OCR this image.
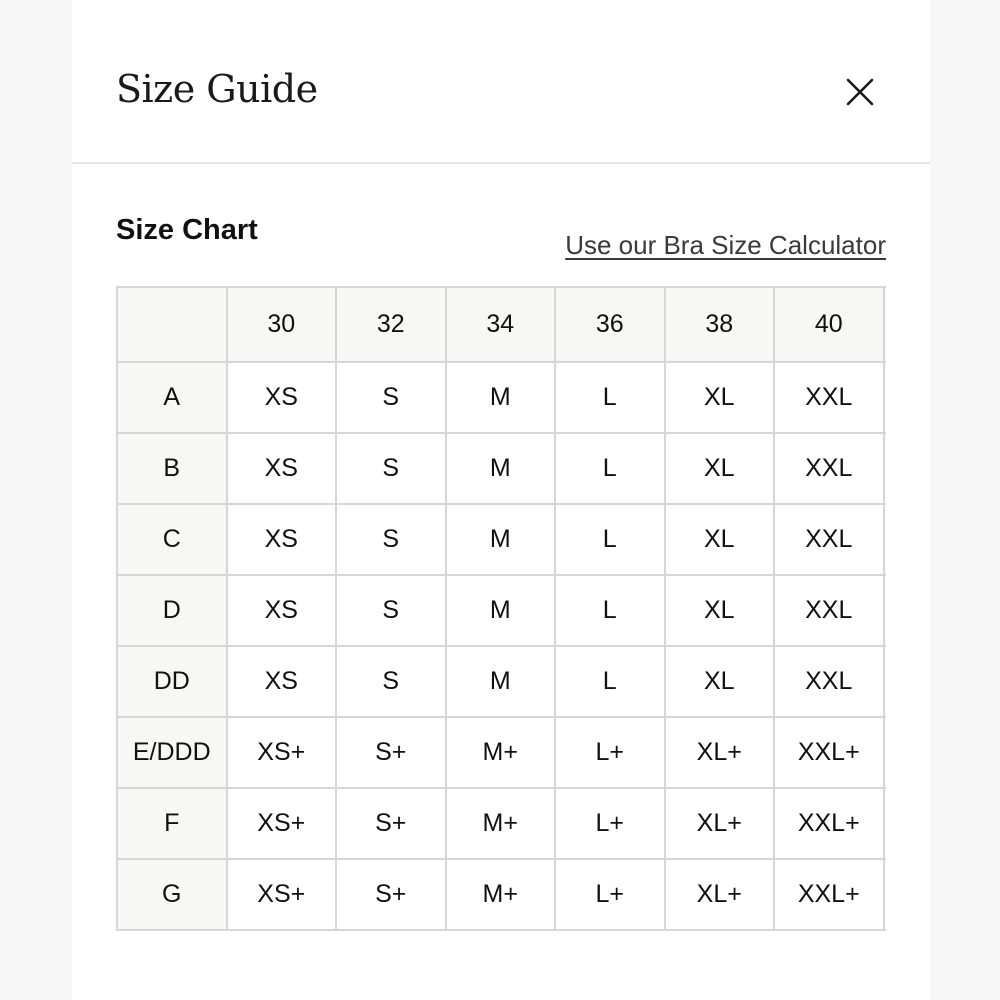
Size Guide
Size Chart	Use our Bra Size Calculator
	30	32	34	36	38	40	
A	XS	S	M	L	XL	XXL	
B	XS	S	M	L	XL	XXL	
C	XS	S	M	L	XL	XXL	
D	XS	S	M	L	XL	XXL	
DD	XS	S	M	L	XL	XXL	
E/DDD	XS+	S+	M+	L+	XL+	XXL+	
F	XS+	S+	M+	L+	XL+	XXL+	
G	XS+	S+	M+	L+	XL+	XXL+	
